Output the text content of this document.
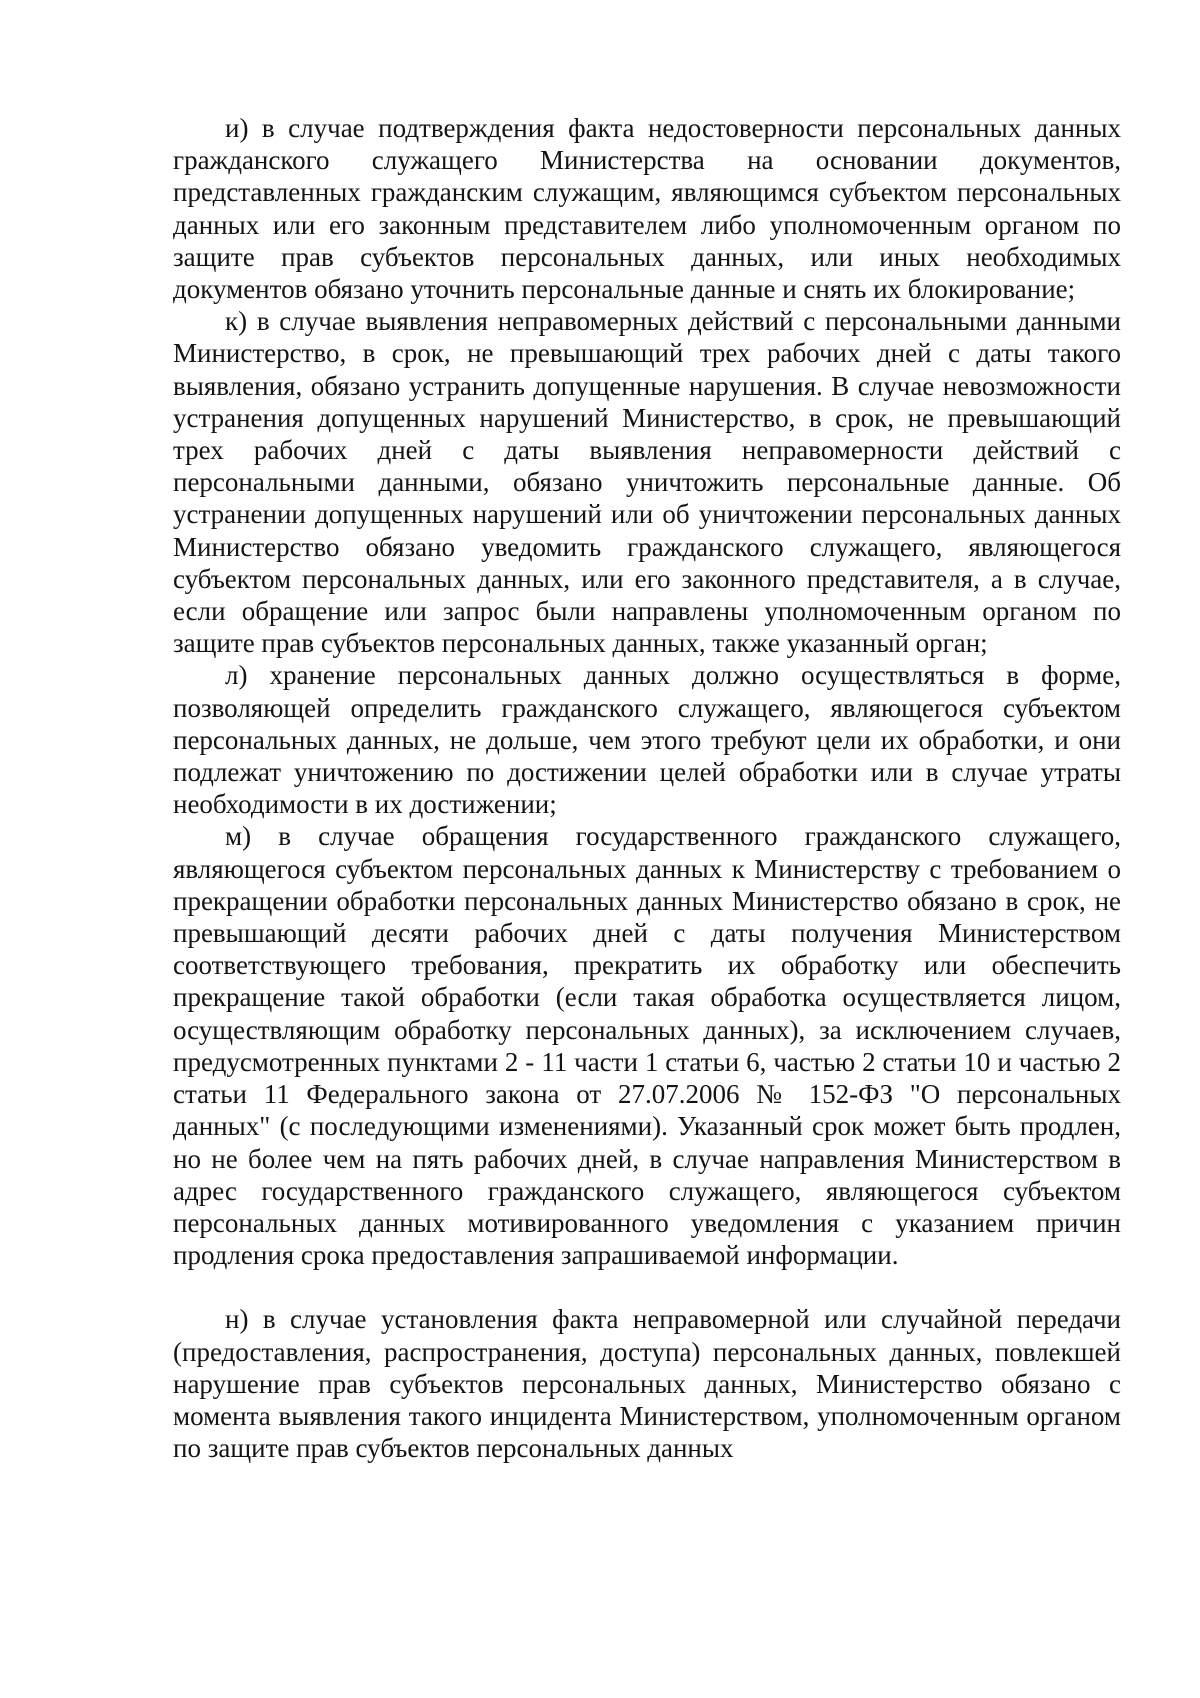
и) в случае подтверждения факта недостоверности персональных данных гражданского служащего Министерства на основании документов, представленных гражданским служащим, являющимся субъектом персональных данных или его законным представителем либо уполномоченным органом по защите прав субъектов персональных данных, или иных необходимых документов обязано уточнить персональные данные и снять их блокирование;

к) в случае выявления неправомерных действий с персональными данными Министерство, в срок, не превышающий трех рабочих дней с даты такого выявления, обязано устранить допущенные нарушения. В случае невозможности устранения допущенных нарушений Министерство, в срок, не превышающий трех рабочих дней с даты выявления неправомерности действий с персональными данными, обязано уничтожить персональные данные. Об устранении допущенных нарушений или об уничтожении персональных данных Министерство обязано уведомить гражданского служащего, являющегося субъектом персональных данных, или его законного представителя, а в случае, если обращение или запрос были направлены уполномоченным органом по защите прав субъектов персональных данных, также указанный орган;

л) хранение персональных данных должно осуществляться в форме, позволяющей определить гражданского служащего, являющегося субъектом персональных данных, не дольше, чем этого требуют цели их обработки, и они подлежат уничтожению по достижении целей обработки или в случае утраты необходимости в их достижении;

м) в случае обращения государственного гражданского служащего, являющегося субъектом персональных данных к Министерству с требованием о прекращении обработки персональных данных Министерство обязано в срок, не превышающий десяти рабочих дней с даты получения Министерством соответствующего требования, прекратить их обработку или обеспечить прекращение такой обработки (если такая обработка осуществляется лицом, осуществляющим обработку персональных данных), за исключением случаев, предусмотренных пунктами 2 - 11 части 1 статьи 6, частью 2 статьи 10 и частью 2 статьи 11 Федерального закона от 27.07.2006 № 152-ФЗ "О персональных данных" (с последующими изменениями). Указанный срок может быть продлен, но не более чем на пять рабочих дней, в случае направления Министерством в адрес государственного гражданского служащего, являющегося субъектом персональных данных мотивированного уведомления с указанием причин продления срока предоставления запрашиваемой информации.

н) в случае установления факта неправомерной или случайной передачи (предоставления, распространения, доступа) персональных данных, повлекшей нарушение прав субъектов персональных данных, Министерство обязано с момента выявления такого инцидента Министерством, уполномоченным органом по защите прав субъектов персональных данных
